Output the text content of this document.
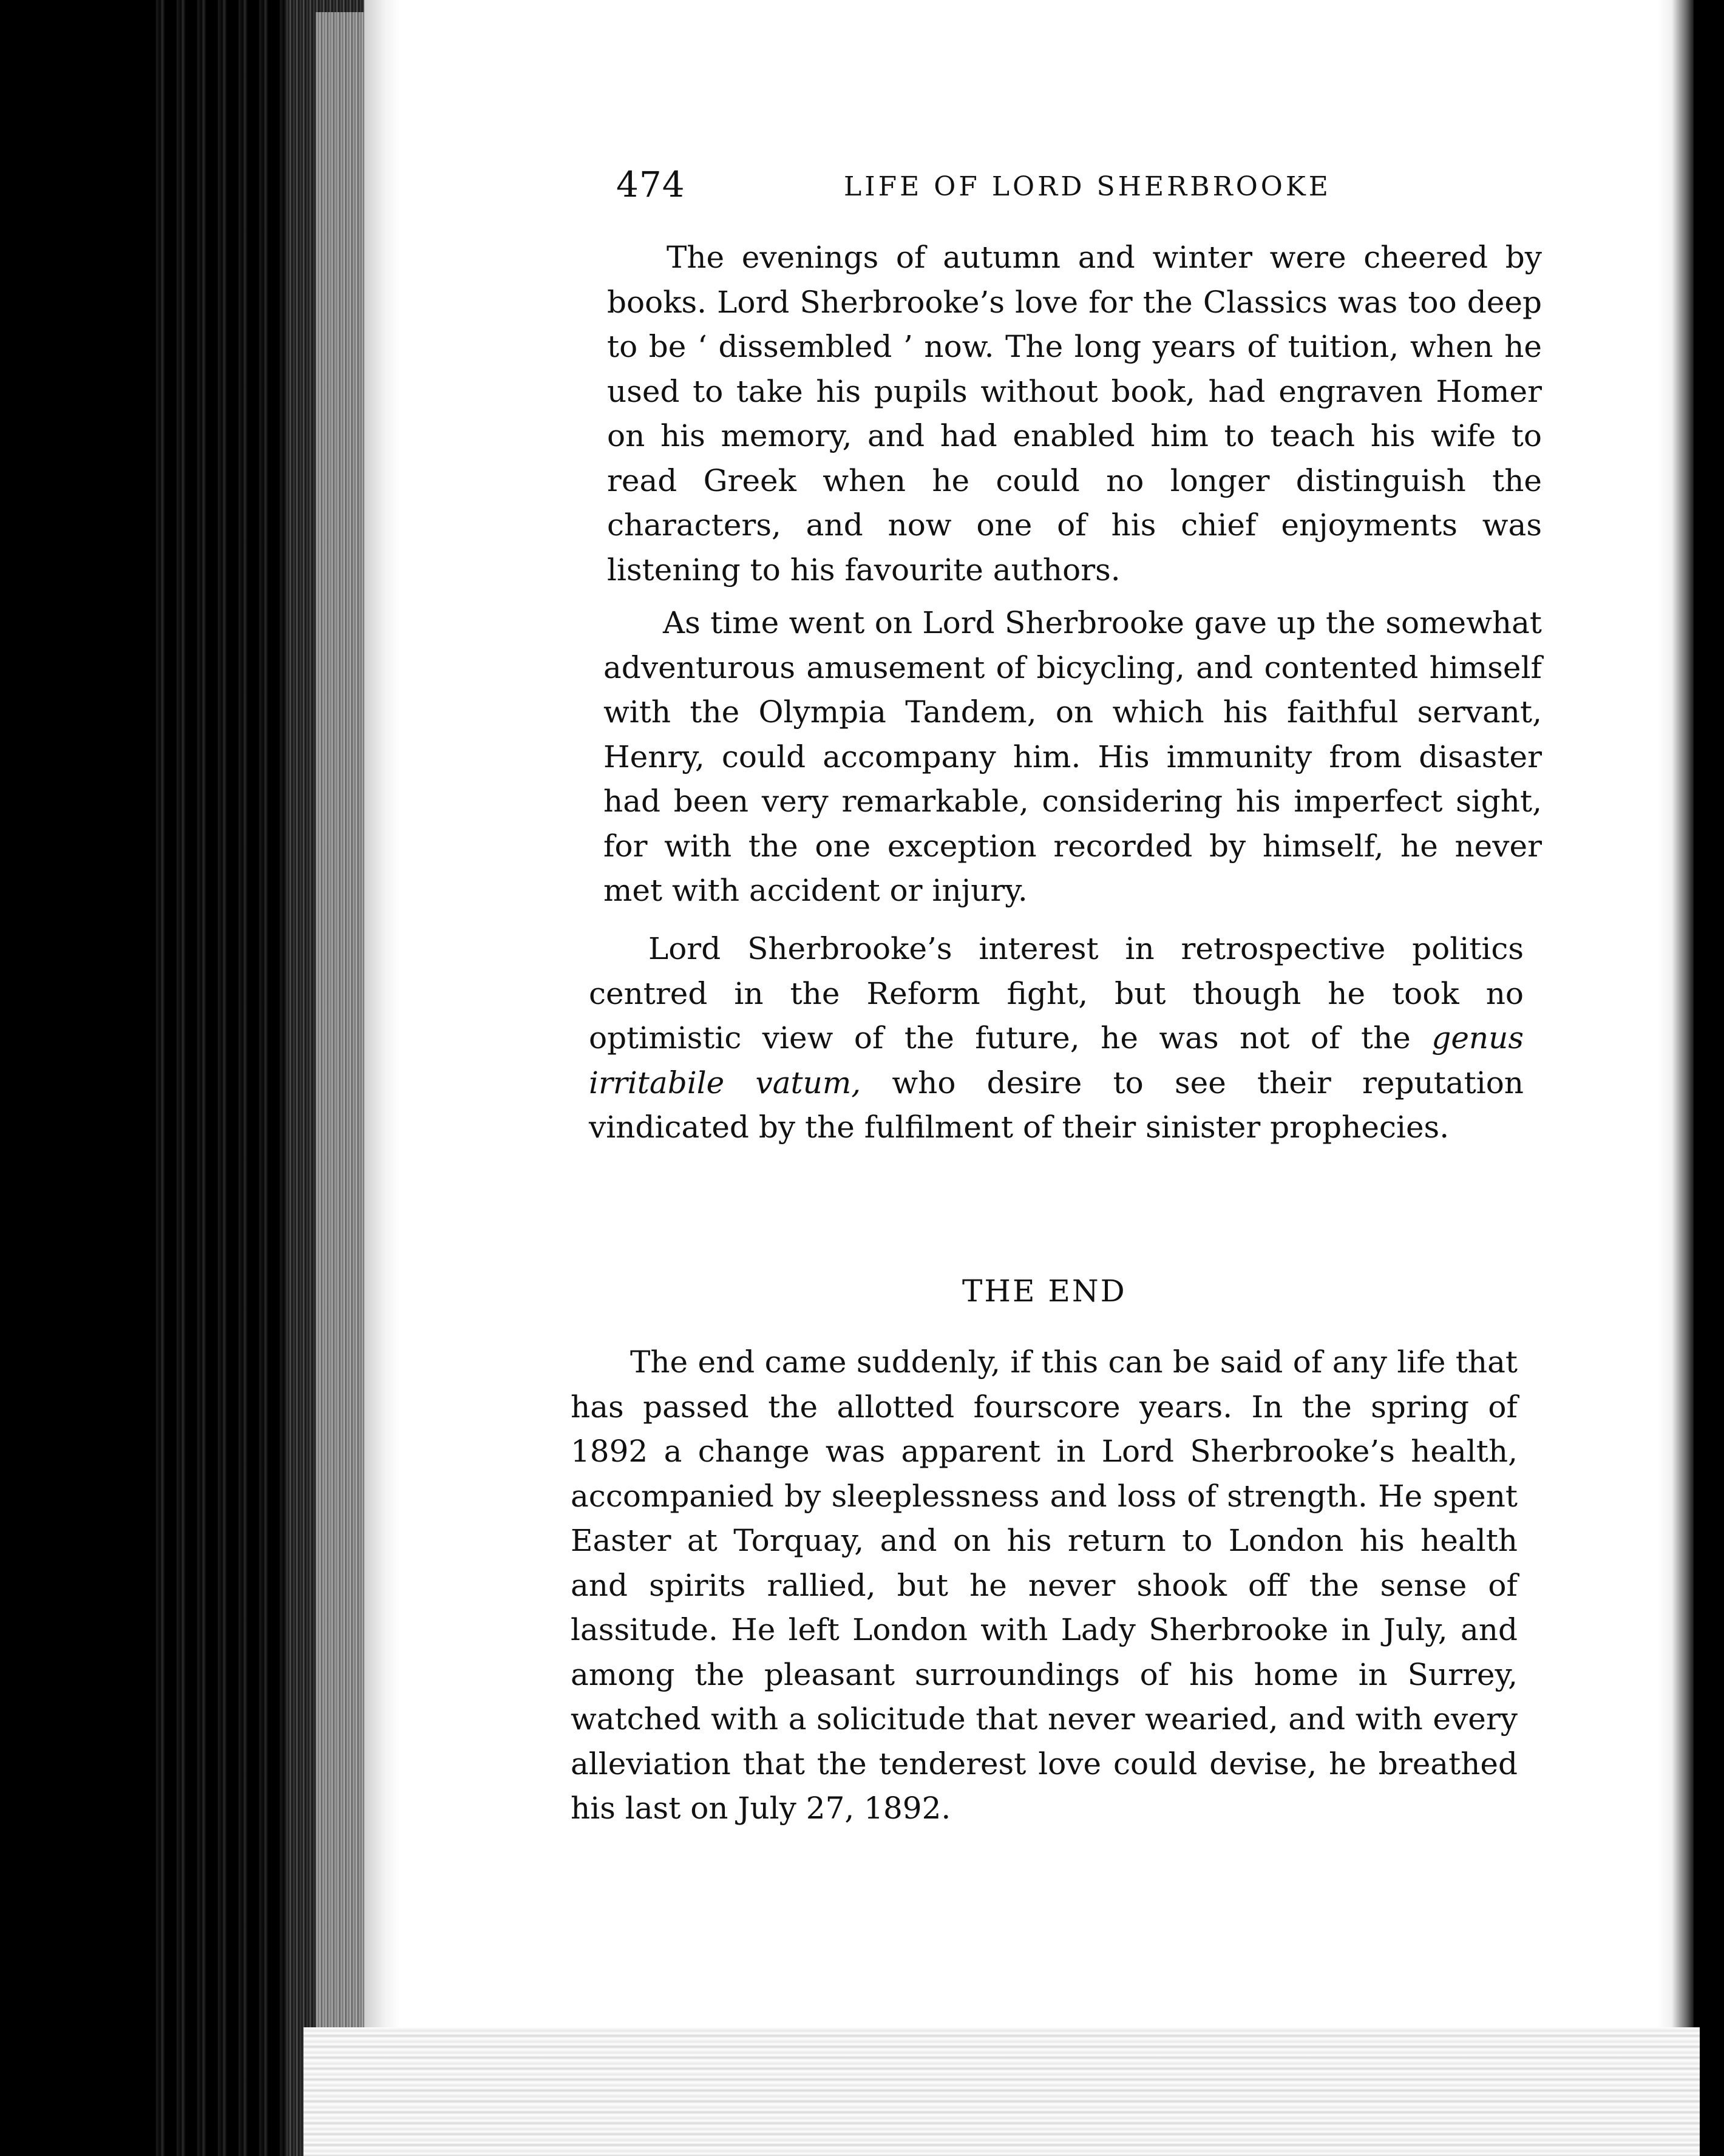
474	LIFE OF LORD SHERBROOKE

The evenings of autumn and winter were cheered by books. Lord Sherbrooke’s love for the Classics was too deep to be ‘ dissembled ’ now. The long years of tuition, when he used to take his pupils without book, had engraven Homer on his memory, and had enabled him to teach his wife to read Greek when he could no longer distinguish the characters, and now one of his chief enjoyments was listening to his favourite authors.

As time went on Lord Sherbrooke gave up the somewhat adventurous amusement of bicycling, and contented himself with the Olympia Tandem, on which his faithful servant, Henry, could accompany him. His immunity from disaster had been very remarkable, considering his imperfect sight, for with the one exception recorded by himself, he never met with accident or injury.

Lord Sherbrooke’s interest in retrospective politics centred in the Reform fight, but though he took no optimistic view of the future, he was not of the genus irritabile vatum, who desire to see their reputation vindicated by the fulfilment of their sinister prophecies.

THE END

The end came suddenly, if this can be said of any life that has passed the allotted fourscore years. In the spring of 1892 a change was apparent in Lord Sherbrooke’s health, accompanied by sleeplessness and loss of strength. He spent Easter at Torquay, and on his return to London his health and spirits rallied, but he never shook off the sense of lassitude. He left London with Lady Sherbrooke in July, and among the pleasant surroundings of his home in Surrey, watched with a solicitude that never wearied, and with every alleviation that the tenderest love could devise, he breathed his last on July 27, 1892.
